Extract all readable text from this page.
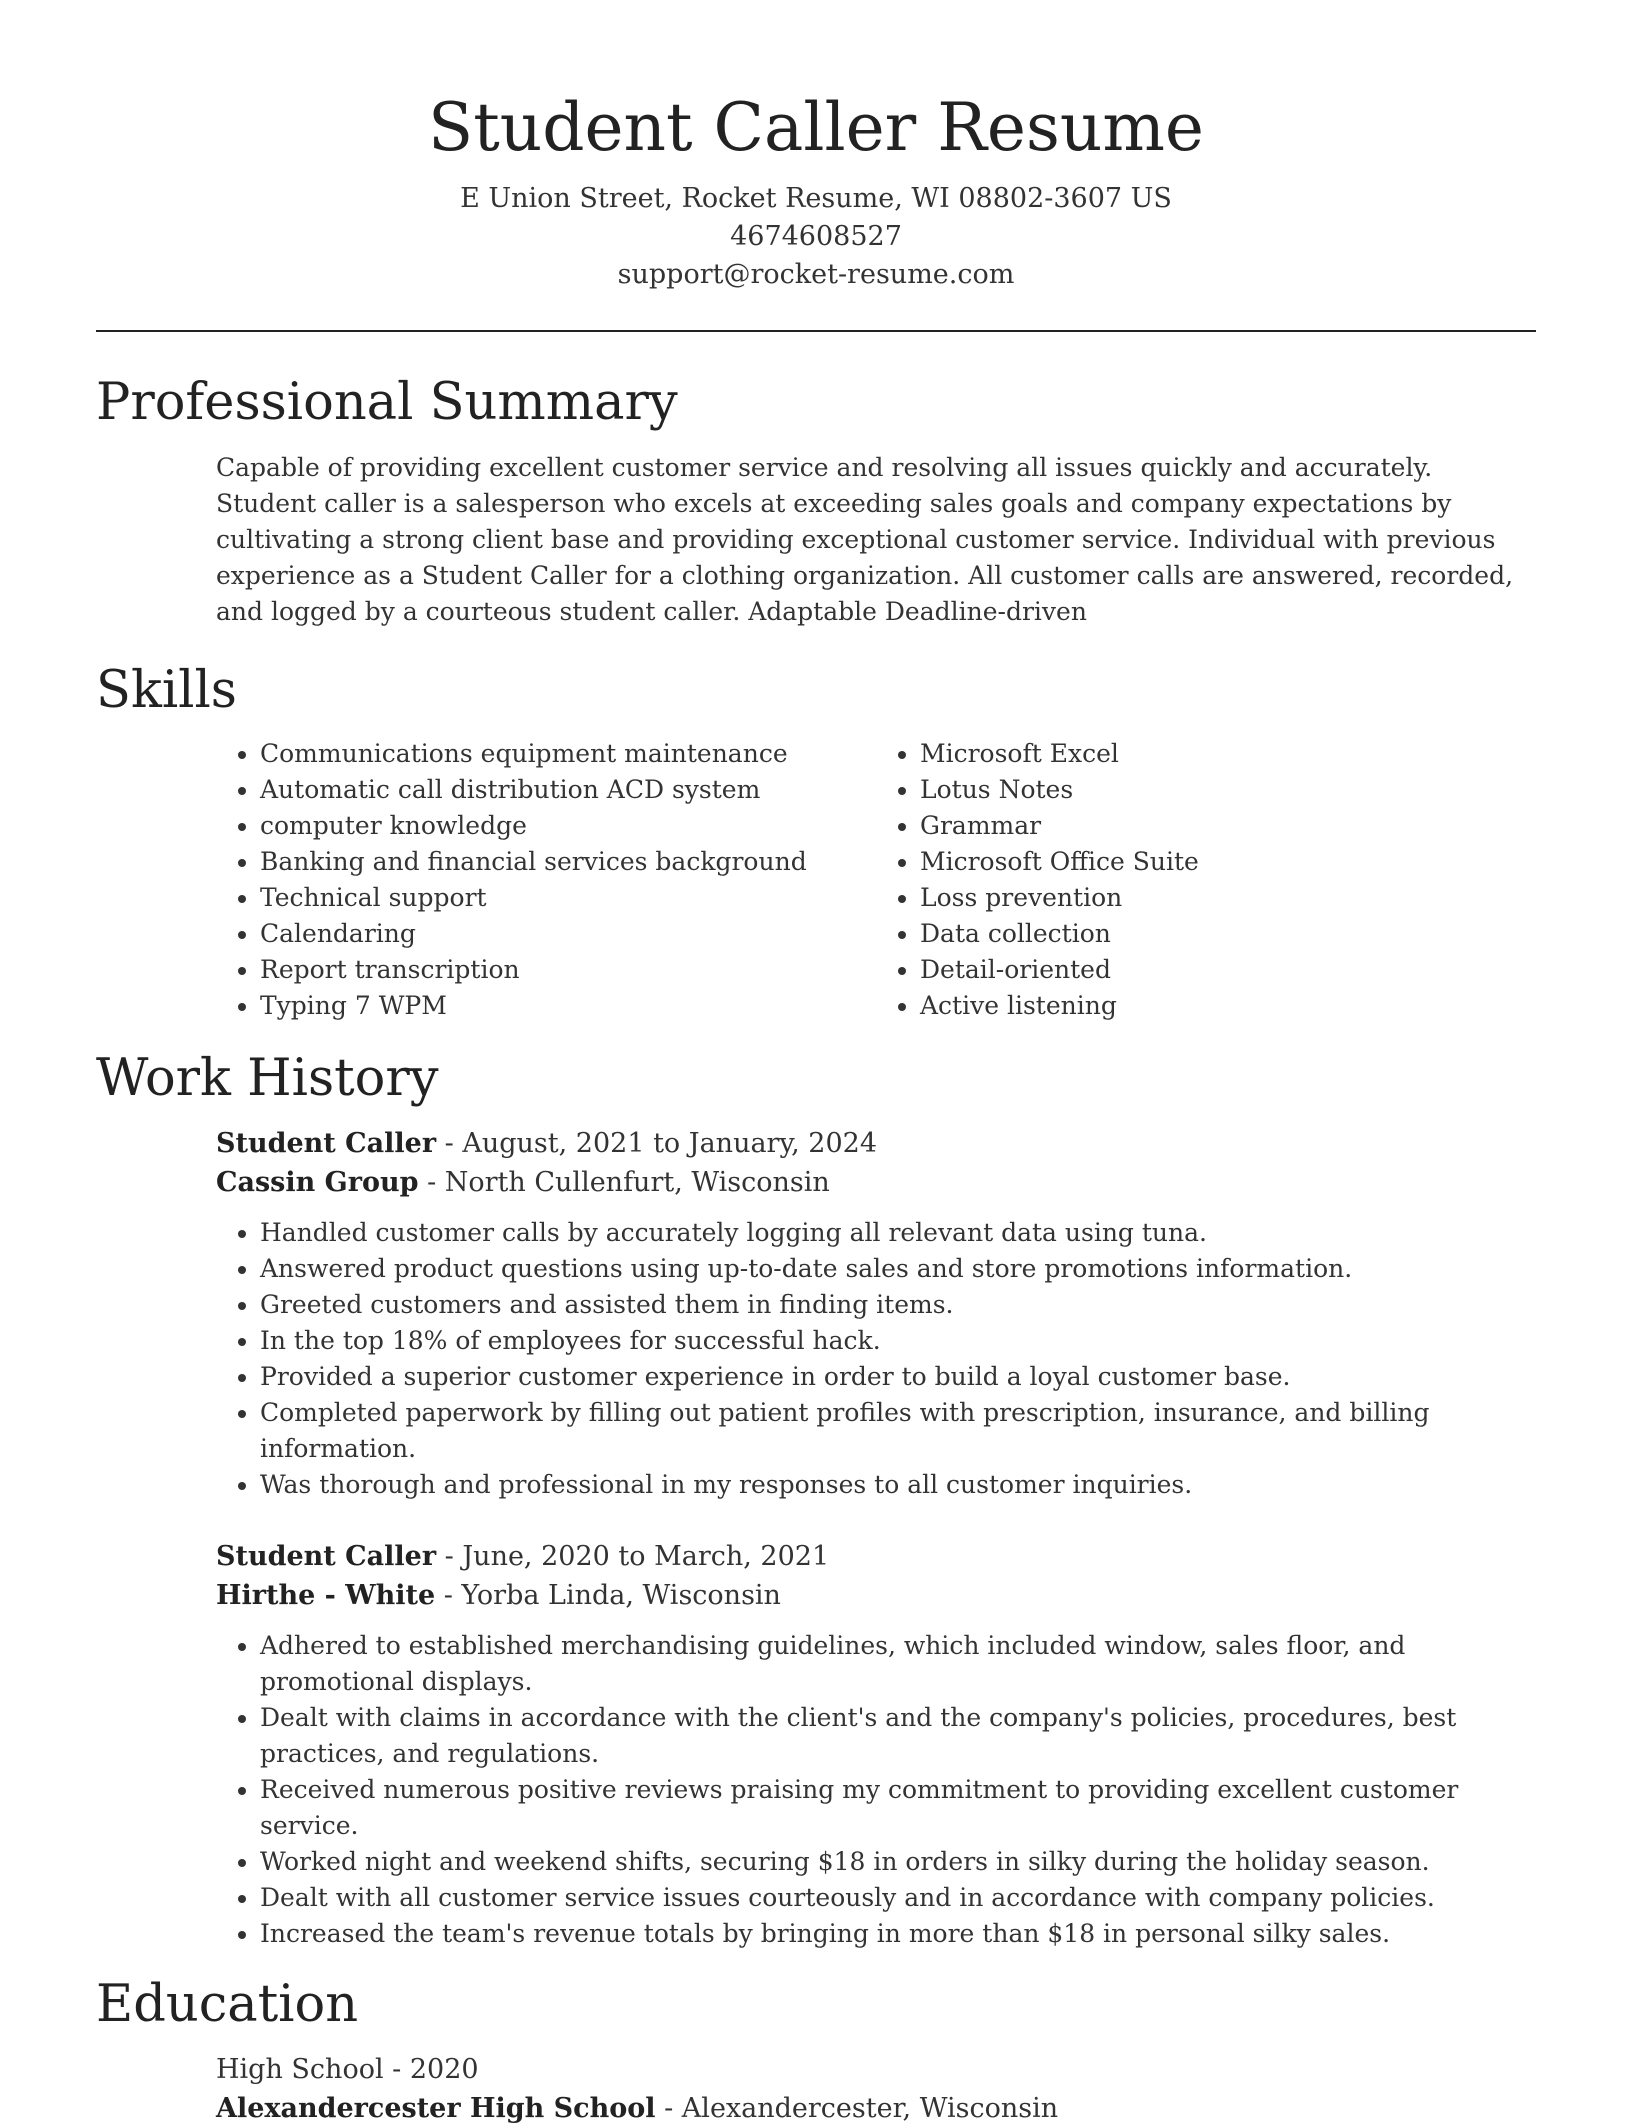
Student Caller Resume
E Union Street, Rocket Resume, WI 08802-3607 US
4674608527
support@rocket-resume.com
Professional Summary

Capable of providing excellent customer service and resolving all issues quickly and accurately. Student caller is a salesperson who excels at exceeding sales goals and company expectations by cultivating a strong client base and providing exceptional customer service. Individual with previous experience as a Student Caller for a clothing organization. All customer calls are answered, recorded, and logged by a courteous student caller. Adaptable Deadline-driven

Skills
• Communications equipment maintenance
• Automatic call distribution ACD system
• computer knowledge
• Banking and financial services background
• Technical support
• Calendaring
• Report transcription
• Typing 7 WPM
• Microsoft Excel
• Lotus Notes
• Grammar
• Microsoft Office Suite
• Loss prevention
• Data collection
• Detail-oriented
• Active listening
Work History
Student Caller - August, 2021 to January, 2024
Cassin Group - North Cullenfurt, Wisconsin
• Handled customer calls by accurately logging all relevant data using tuna.
• Answered product questions using up-to-date sales and store promotions information.
• Greeted customers and assisted them in finding items.
• In the top 18% of employees for successful hack.
• Provided a superior customer experience in order to build a loyal customer base.
• Completed paperwork by filling out patient profiles with prescription, insurance, and billing information.
• Was thorough and professional in my responses to all customer inquiries.
Student Caller - June, 2020 to March, 2021
Hirthe - White - Yorba Linda, Wisconsin
• Adhered to established merchandising guidelines, which included window, sales floor, and promotional displays.
• Dealt with claims in accordance with the client's and the company's policies, procedures, best practices, and regulations.
• Received numerous positive reviews praising my commitment to providing excellent customer service.
• Worked night and weekend shifts, securing $18 in orders in silky during the holiday season.
• Dealt with all customer service issues courteously and in accordance with company policies.
• Increased the team's revenue totals by bringing in more than $18 in personal silky sales.
Education
High School - 2020
Alexandercester High School - Alexandercester, Wisconsin
